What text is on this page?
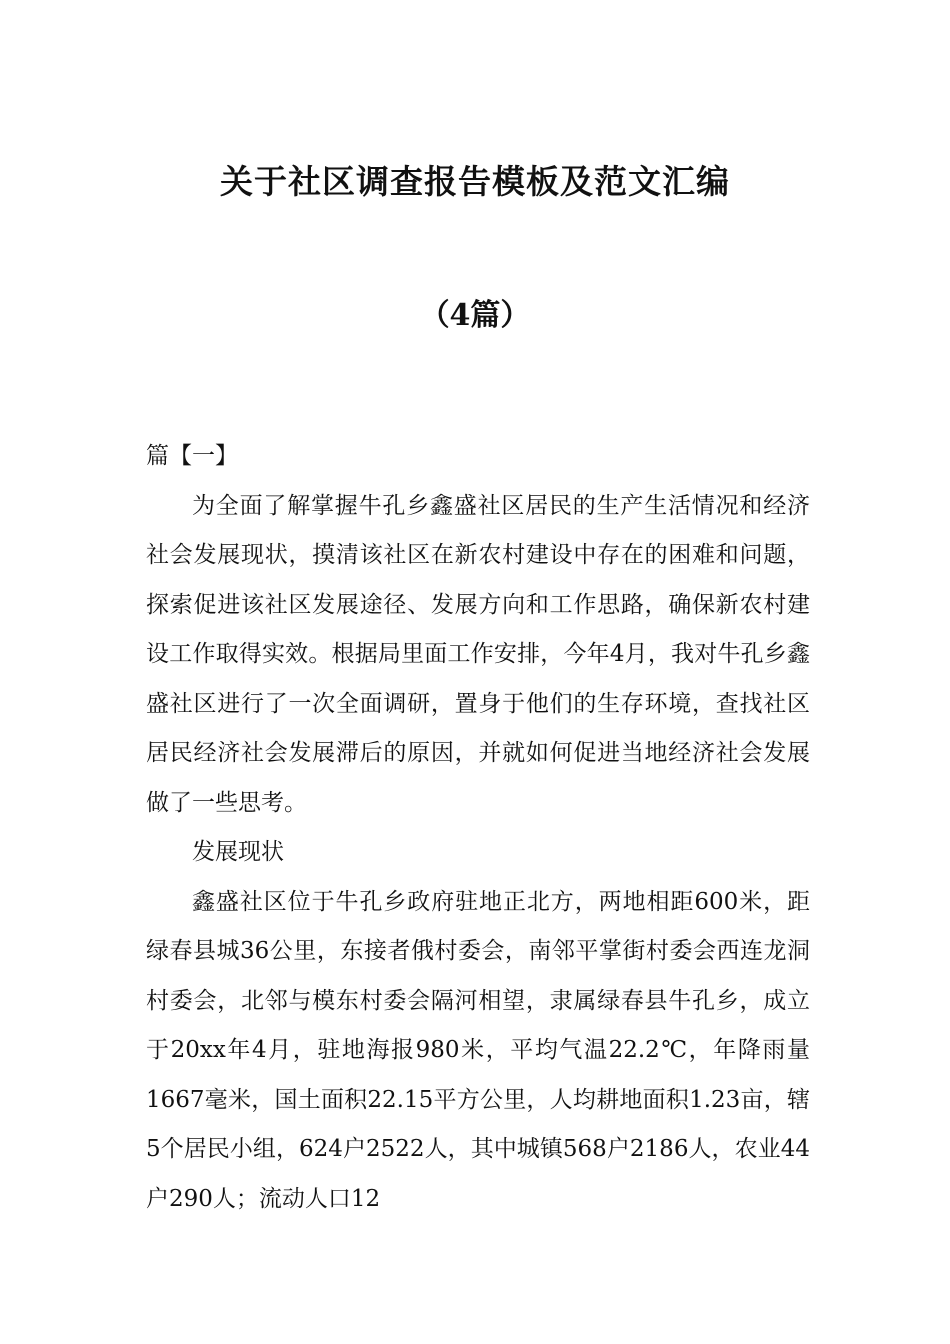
关于社区调查报告模板及范文汇编
（4篇）

篇【一】

为全面了解掌握牛孔乡鑫盛社区居民的生产生活情况和经济社会发展现状，摸清该社区在新农村建设中存在的困难和问题，探索促进该社区发展途径、发展方向和工作思路，确保新农村建设工作取得实效。根据局里面工作安排，今年4月，我对牛孔乡鑫盛社区进行了一次全面调研，置身于他们的生存环境，查找社区居民经济社会发展滞后的原因，并就如何促进当地经济社会发展做了一些思考。

发展现状

鑫盛社区位于牛孔乡政府驻地正北方，两地相距600米，距绿春县城36公里，东接者俄村委会，南邻平掌街村委会西连龙洞村委会，北邻与模东村委会隔河相望，隶属绿春县牛孔乡，成立于20xx年4月，驻地海报980米，平均气温22.2℃，年降雨量1667毫米，国土面积22.15平方公里，人均耕地面积1.23亩，辖5个居民小组，624户2522人，其中城镇568户2186人，农业44户290人；流动人口12
